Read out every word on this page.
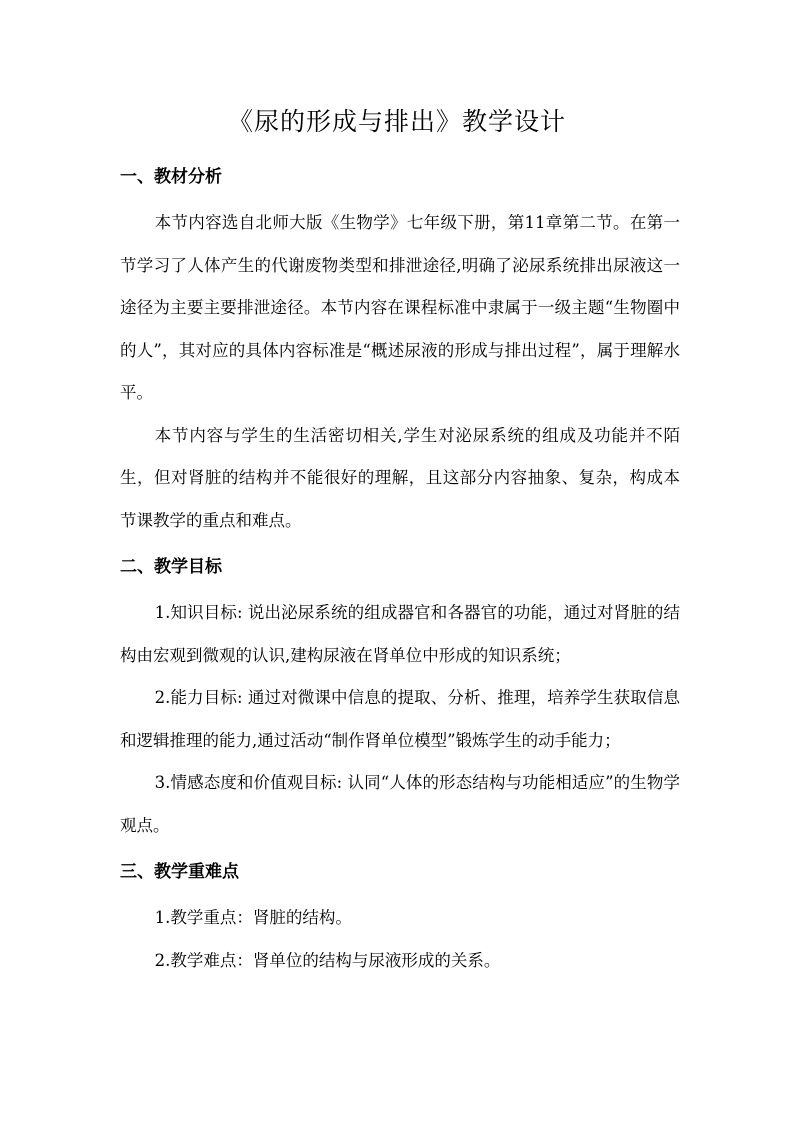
《尿的形成与排出》教学设计

一、教材分析

本节内容选自北师大版《生物学》七年级下册，第11章第二节。在第一节学习了人体产生的代谢废物类型和排泄途径,明确了泌尿系统排出尿液这一途径为主要主要排泄途径。本节内容在课程标准中隶属于一级主题“生物圈中的人”，其对应的具体内容标准是“概述尿液的形成与排出过程”，属于理解水平。

本节内容与学生的生活密切相关,学生对泌尿系统的组成及功能并不陌生，但对肾脏的结构并不能很好的理解，且这部分内容抽象、复杂，构成本节课教学的重点和难点。

二、教学目标

1.知识目标: 说出泌尿系统的组成器官和各器官的功能，通过对肾脏的结构由宏观到微观的认识,建构尿液在肾单位中形成的知识系统；

2.能力目标: 通过对微课中信息的提取、分析、推理，培养学生获取信息和逻辑推理的能力,通过活动“制作肾单位模型”锻炼学生的动手能力；

3.情感态度和价值观目标: 认同“人体的形态结构与功能相适应”的生物学观点。

三、教学重难点

1.教学重点：肾脏的结构。

2.教学难点：肾单位的结构与尿液形成的关系。
